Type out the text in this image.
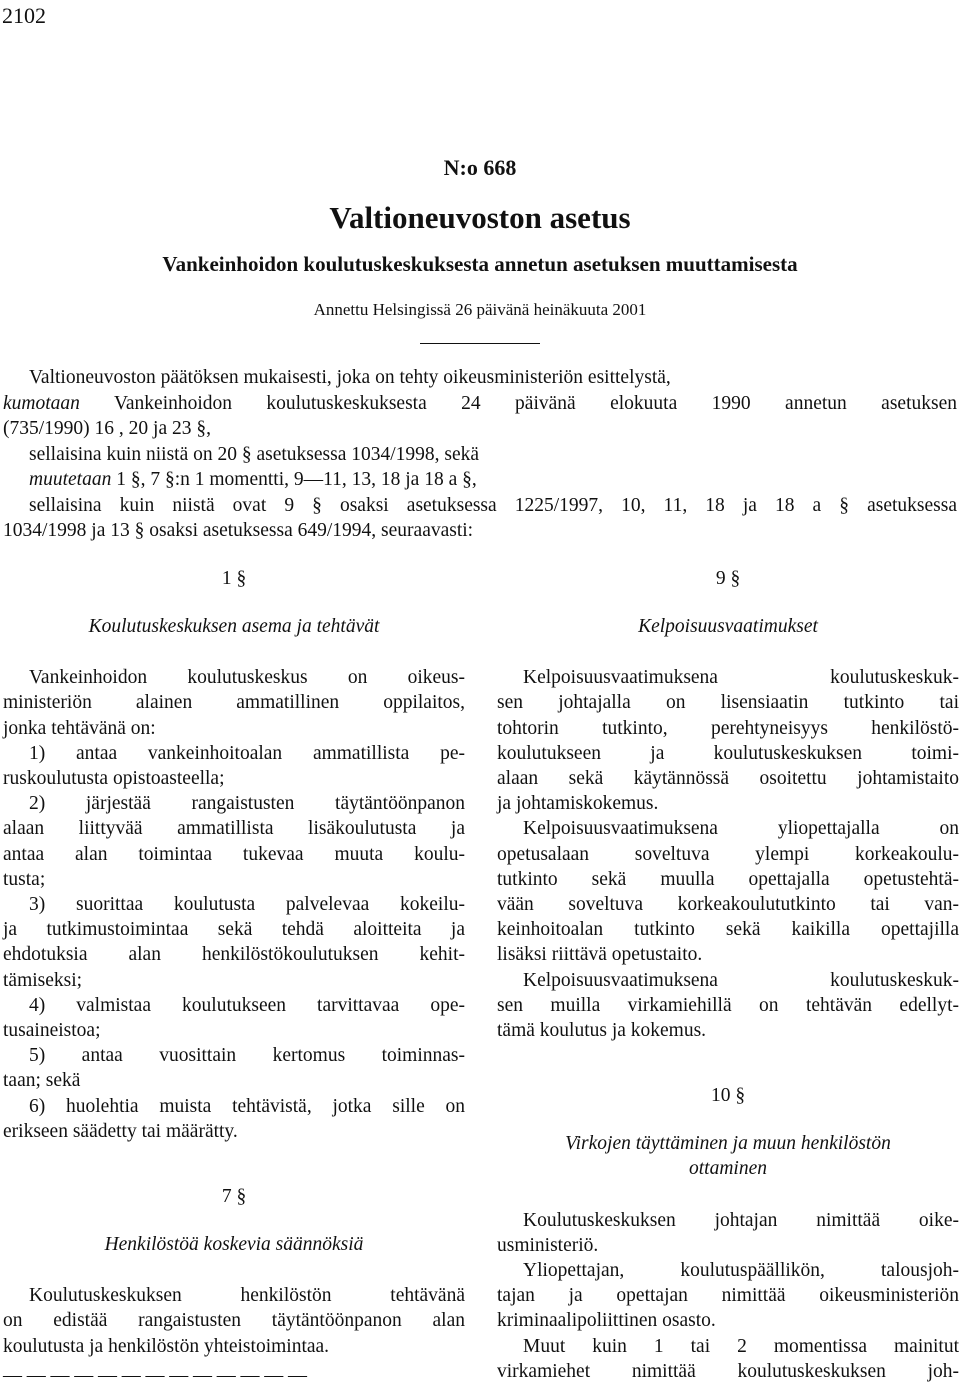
2102
N:o 668
Valtioneuvoston asetus
Vankeinhoidon koulutuskeskuksesta annetun asetuksen muuttamisesta
Annettu Helsingissä 26 päivänä heinäkuuta 2001
Valtioneuvoston päätöksen mukaisesti, joka on tehty oikeusministeriön esittelystä,
kumotaan Vankeinhoidon koulutuskeskuksesta 24 päivänä elokuuta 1990 annetun asetuksen
(735/1990) 16 , 20 ja 23 §,
sellaisina kuin niistä on 20 § asetuksessa 1034/1998, sekä
muutetaan 1 §, 7 §:n 1 momentti, 9—11, 13, 18 ja 18 a §,
sellaisina kuin niistä ovat 9 § osaksi asetuksessa 1225/1997, 10, 11, 18 ja 18 a § asetuksessa
1034/1998 ja 13 § osaksi asetuksessa 649/1994, seuraavasti:
1 §
Koulutuskeskuksen asema ja tehtävät
Vankeinhoidon koulutuskeskus on oikeus-
ministeriön alainen ammatillinen oppilaitos,
jonka tehtävänä on:
1) antaa vankeinhoitoalan ammatillista pe-
ruskoulutusta opistoasteella;
2) järjestää rangaistusten täytäntöönpanon
alaan liittyvää ammatillista lisäkoulutusta ja
antaa alan toimintaa tukevaa muuta koulu-
tusta;
3) suorittaa koulutusta palvelevaa kokeilu-
ja tutkimustoimintaa sekä tehdä aloitteita ja
ehdotuksia alan henkilöstökoulutuksen kehit-
tämiseksi;
4) valmistaa koulutukseen tarvittavaa ope-
tusaineistoa;
5) antaa vuosittain kertomus toiminnas-
taan; sekä
6) huolehtia muista tehtävistä, jotka sille on
erikseen säädetty tai määrätty.
7 §
Henkilöstöä koskevia säännöksiä
Koulutuskeskuksen henkilöstön tehtävänä
on edistää rangaistusten täytäntöönpanon alan
koulutusta ja henkilöstön yhteistoimintaa.
— — — — — — — — — — — — —
9 §
Kelpoisuusvaatimukset
Kelpoisuusvaatimuksena koulutuskeskuk-
sen johtajalla on lisensiaatin tutkinto tai
tohtorin tutkinto, perehtyneisyys henkilöstö-
koulutukseen ja koulutuskeskuksen toimi-
alaan sekä käytännössä osoitettu johtamistaito
ja johtamiskokemus.
Kelpoisuusvaatimuksena yliopettajalla on
opetusalaan soveltuva ylempi korkeakoulu-
tutkinto sekä muulla opettajalla opetustehtä-
vään soveltuva korkeakoulututkinto tai van-
keinhoitoalan tutkinto sekä kaikilla opettajilla
lisäksi riittävä opetustaito.
Kelpoisuusvaatimuksena koulutuskeskuk-
sen muilla virkamiehillä on tehtävän edellyt-
tämä koulutus ja kokemus.
10 §
Virkojen täyttäminen ja muun henkilöstön
ottaminen
Koulutuskeskuksen johtajan nimittää oike-
usministeriö.
Yliopettajan, koulutuspäällikön, talousjoh-
tajan ja opettajan nimittää oikeusministeriön
kriminaalipoliittinen osasto.
Muut kuin 1 tai 2 momentissa mainitut
virkamiehet nimittää koulutuskeskuksen joh-
